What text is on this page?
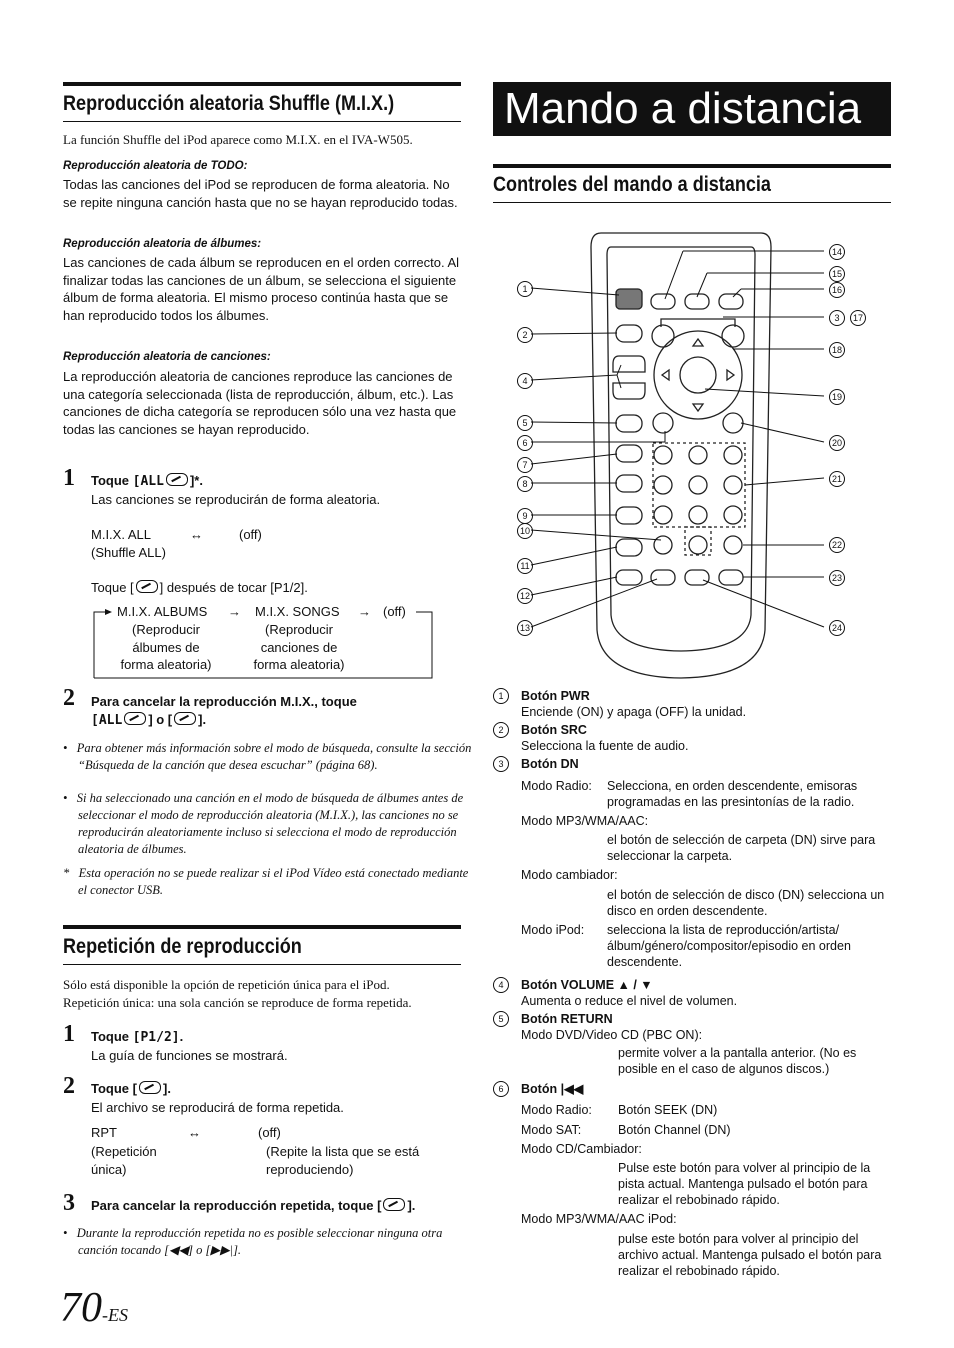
Reproducción aleatoria Shuffle (M.I.X.)
La función Shuffle del iPod aparece como M.I.X. en el IVA-W505.
Reproducción aleatoria de TODO:
Todas las canciones del iPod se reproducen de forma aleatoria. No se repite ninguna canción hasta que no se hayan reproducido todas.
Reproducción aleatoria de álbumes:
Las canciones de cada álbum se reproducen en el orden correcto. Al finalizar todas las canciones de un álbum, se selecciona el siguiente álbum de forma aleatoria. El mismo proceso continúa hasta que se han reproducido todos los álbumes.
Reproducción aleatoria de canciones:
La reproducción aleatoria de canciones reproduce las canciones de una categoría seleccionada (lista de reproducción, álbum, etc.). Las canciones de dicha categoría se reproducen sólo una vez hasta que todas las canciones se hayan reproducido.
1 Toque [ALL ]*.
Las canciones se reproducirán de forma aleatoria.
M.I.X. ALL	↔	(off)
(Shuffle ALL)
Toque [ ] después de tocar [P1/2].
M.I.X. ALBUMS → M.I.X. SONGS → (off)
(Reproducir
álbumes de
forma aleatoria)
(Reproducir
canciones de
forma aleatoria)
2 Para cancelar la reproducción M.I.X., toque
[ALL ] o [ ].
•   Para obtener más información sobre el modo de búsqueda, consulte la sección “Búsqueda de la canción que desea escuchar” (página 68).
•   Si ha seleccionado una canción en el modo de búsqueda de álbumes antes de seleccionar el modo de reproducción aleatoria (M.I.X.), las canciones no se reproducirán aleatoriamente incluso si selecciona el modo de reproducción aleatoria de álbumes.
*   Esta operación no se puede realizar si el iPod Vídeo está conectado mediante el conector USB.
Repetición de reproducción
Sólo está disponible la opción de repetición única para el iPod.
Repetición única: una sola canción se reproduce de forma repetida.
1 Toque [P1/2].
La guía de funciones se mostrará.
2 Toque [ ].
El archivo se reproducirá de forma repetida.
RPT	↔	(off)
(Repetición
única)
(Repite la lista que se está
reproduciendo)
3 Para cancelar la reproducción repetida, toque [ ].
•   Durante la reproducción repetida no es posible seleccionar ninguna otra canción tocando [◀◀] o [▶▶|].
70-ES
Mando a distancia
Controles del mando a distancia
1
2
4
5
6
7
8
9
10
11
12
13
14
15
16
3	17
18
19
20
21
22
23
24
1	Botón PWR
Enciende (ON) y apaga (OFF) la unidad.
2	Botón SRC
Selecciona la fuente de audio.
3	Botón DN
Modo Radio: Selecciona, en orden descendente, emisoras programadas en las presintonías de la radio.
Modo MP3/WMA/AAC:
el botón de selección de carpeta (DN) sirve para seleccionar la carpeta.
Modo cambiador:
el botón de selección de disco (DN) selecciona un disco en orden descendente.
Modo iPod: selecciona la lista de reproducción/artista/ álbum/género/compositor/episodio en orden descendente.
4	Botón VOLUME ▲ / ▼
Aumenta o reduce el nivel de volumen.
5	Botón RETURN
Modo DVD/Video CD (PBC ON):
permite volver a la pantalla anterior. (No es posible en el caso de algunos discos.)
6	Botón |◀◀
Modo Radio: Botón SEEK (DN)
Modo SAT:	Botón Channel (DN)
Modo CD/Cambiador:
Pulse este botón para volver al principio de la pista actual. Mantenga pulsado el botón para realizar el rebobinado rápido.
Modo MP3/WMA/AAC iPod:
pulse este botón para volver al principio del archivo actual. Mantenga pulsado el botón para realizar el rebobinado rápido.
